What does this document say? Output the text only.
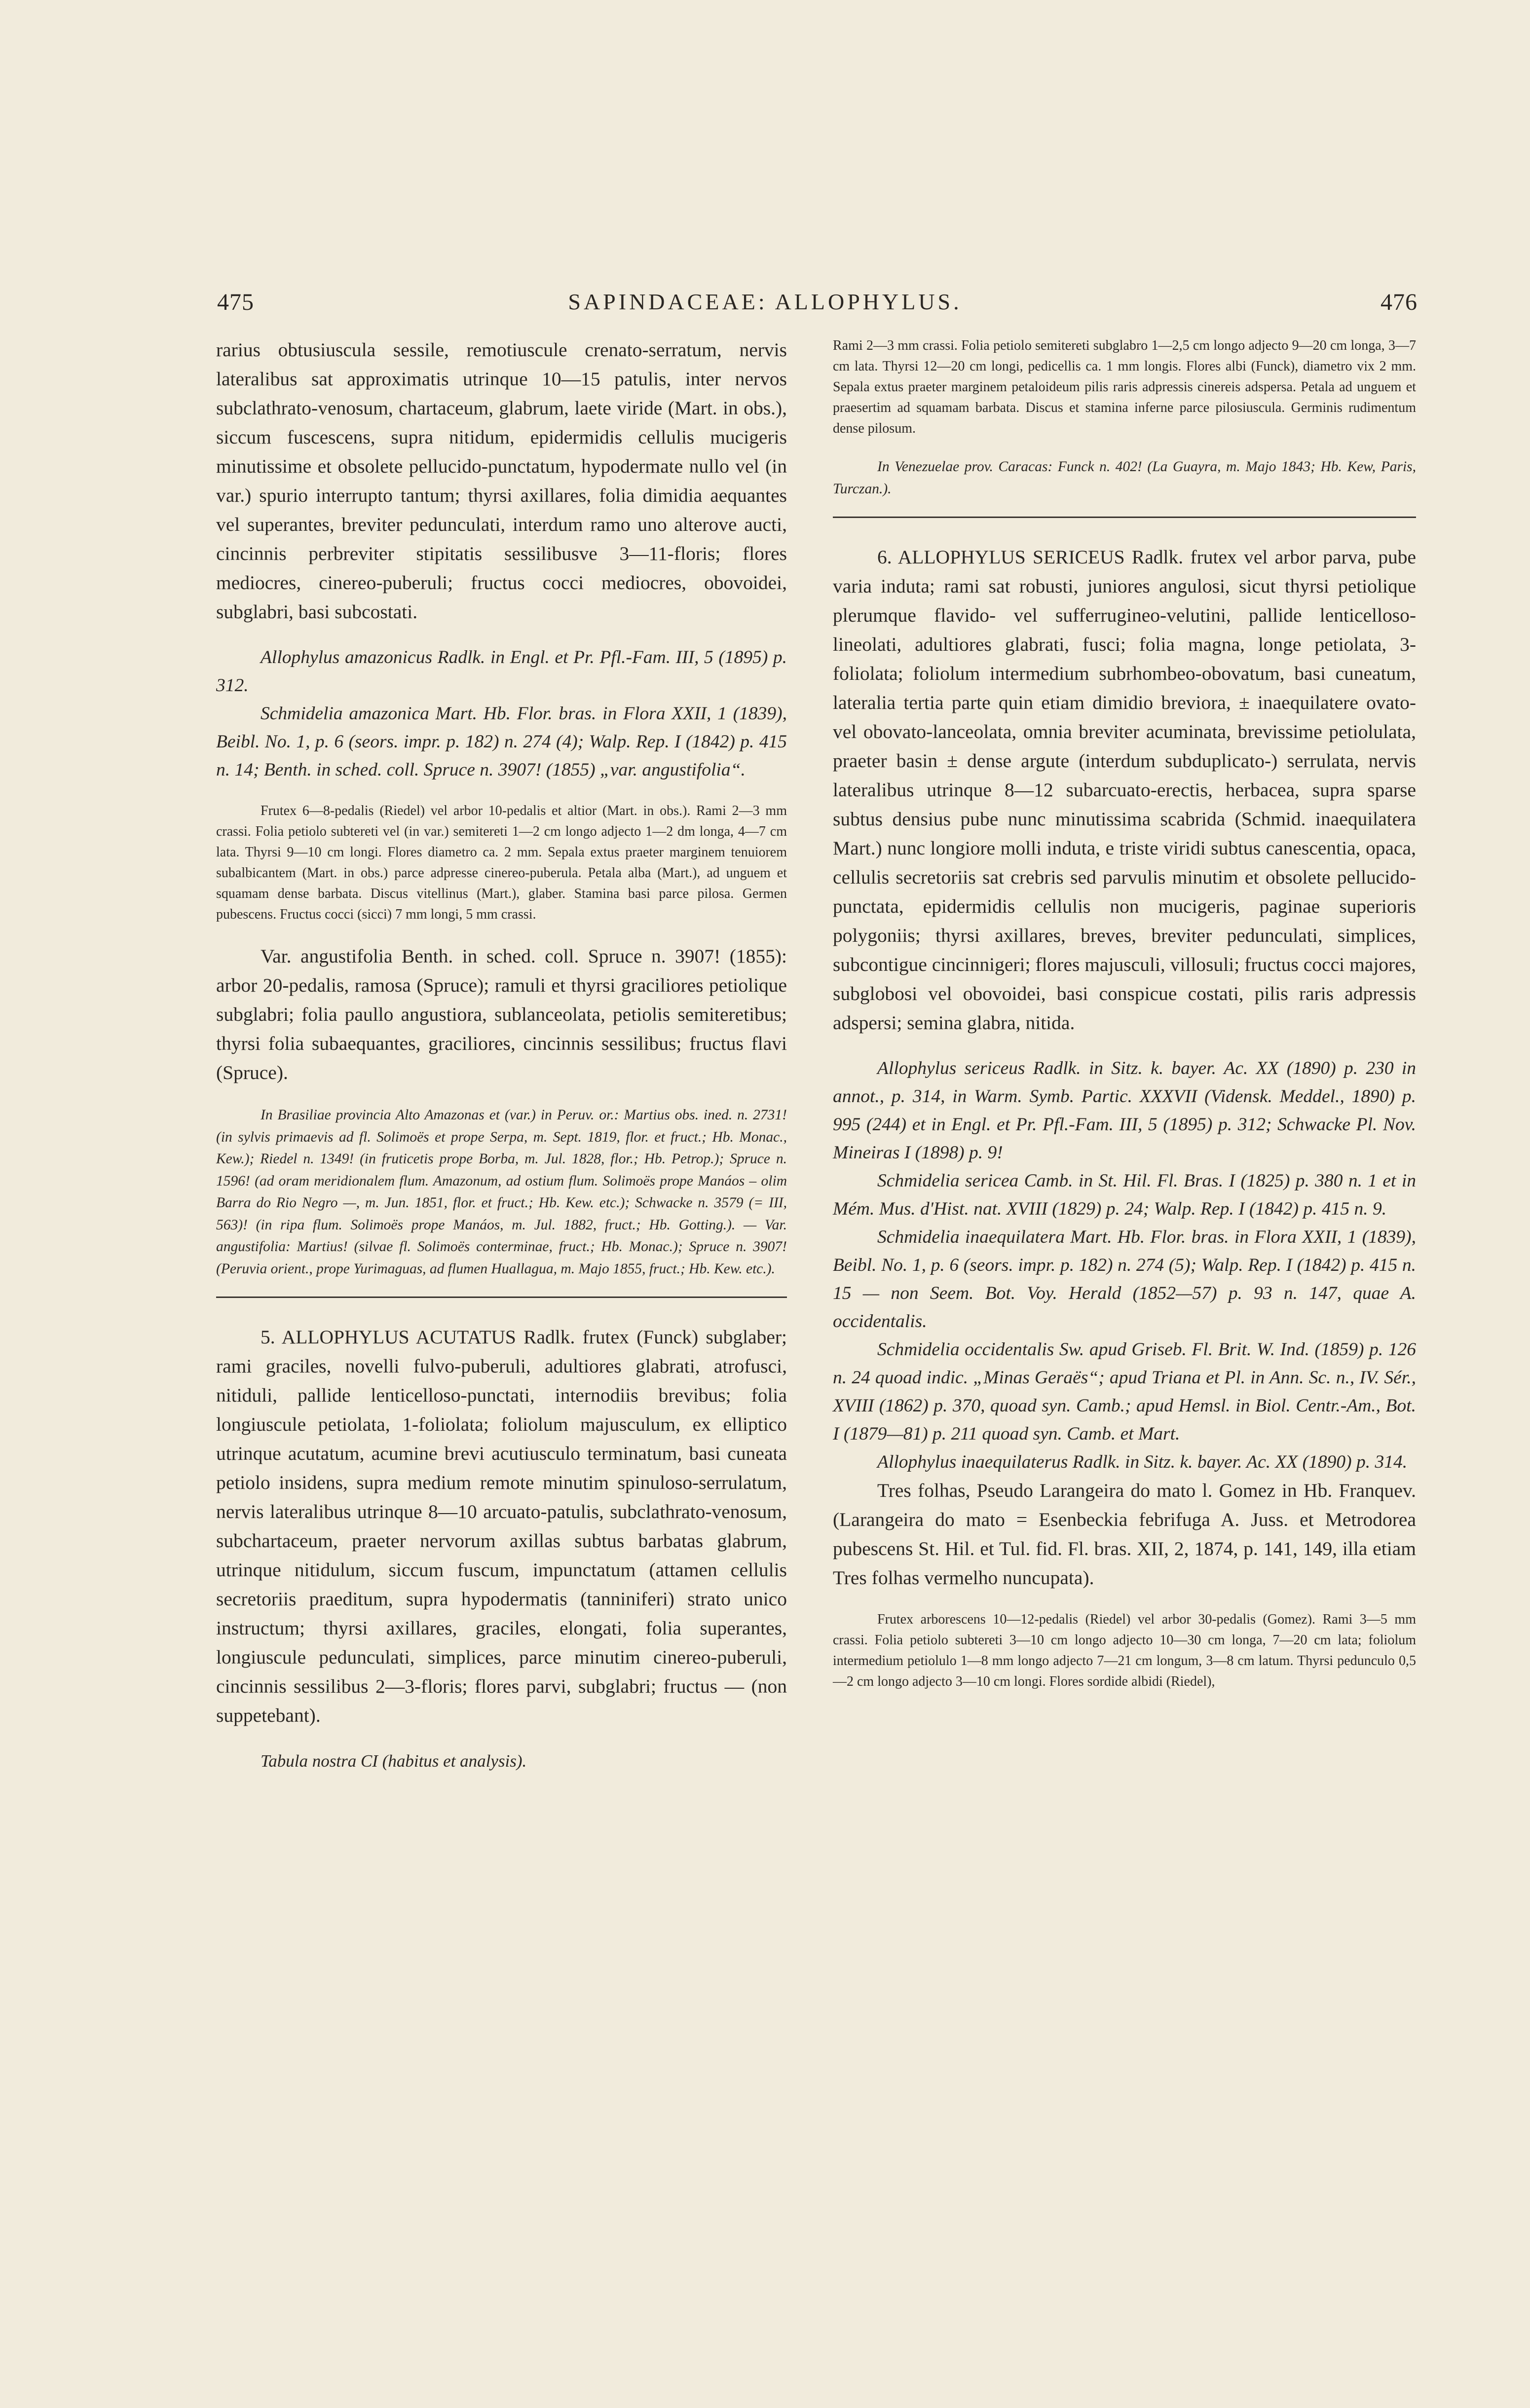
475	SAPINDACEAE: ALLOPHYLUS.	476

rarius obtusiuscula sessile, remotiuscule crenato-serratum, nervis lateralibus sat approximatis utrinque 10—15 patulis, inter nervos subclathrato-venosum, chartaceum, glabrum, laete viride (Mart. in obs.), siccum fuscescens, supra nitidum, epidermidis cellulis mucigeris minutissime et obsolete pellucido-punctatum, hypodermate nullo vel (in var.) spurio interrupto tantum; thyrsi axillares, folia dimidia aequantes vel superantes, breviter pedunculati, interdum ramo uno alterove aucti, cincinnis perbreviter stipitatis sessilibusve 3—11-floris; flores mediocres, cinereo-puberuli; fructus cocci mediocres, obovoidei, subglabri, basi subcostati.

Allophylus amazonicus Radlk. in Engl. et Pr. Pfl.-Fam. III, 5 (1895) p. 312.

Schmidelia amazonica Mart. Hb. Flor. bras. in Flora XXII, 1 (1839), Beibl. No. 1, p. 6 (seors. impr. p. 182) n. 274 (4); Walp. Rep. I (1842) p. 415 n. 14; Benth. in sched. coll. Spruce n. 3907! (1855) „var. angustifolia“.

Frutex 6—8-pedalis (Riedel) vel arbor 10-pedalis et altior (Mart. in obs.). Rami 2—3 mm crassi. Folia petiolo subtereti vel (in var.) semitereti 1—2 cm longo adjecto 1—2 dm longa, 4—7 cm lata. Thyrsi 9—10 cm longi. Flores diametro ca. 2 mm. Sepala extus praeter marginem tenuiorem subalbicantem (Mart. in obs.) parce adpresse cinereo-puberula. Petala alba (Mart.), ad unguem et squamam dense barbata. Discus vitellinus (Mart.), glaber. Stamina basi parce pilosa. Germen pubescens. Fructus cocci (sicci) 7 mm longi, 5 mm crassi.

Var. angustifolia Benth. in sched. coll. Spruce n. 3907! (1855): arbor 20-pedalis, ramosa (Spruce); ramuli et thyrsi graciliores petiolique subglabri; folia paullo angustiora, sublanceolata, petiolis semiteretibus; thyrsi folia subaequantes, graciliores, cincinnis sessilibus; fructus flavi (Spruce).

In Brasiliae provincia Alto Amazonas et (var.) in Peruv. or.: Martius obs. ined. n. 2731! (in sylvis primaevis ad fl. Solimoës et prope Serpa, m. Sept. 1819, flor. et fruct.; Hb. Monac., Kew.); Riedel n. 1349! (in fruticetis prope Borba, m. Jul. 1828, flor.; Hb. Petrop.); Spruce n. 1596! (ad oram meridionalem flum. Amazonum, ad ostium flum. Solimoës prope Manáos – olim Barra do Rio Negro —, m. Jun. 1851, flor. et fruct.; Hb. Kew. etc.); Schwacke n. 3579 (= III, 563)! (in ripa flum. Solimoës prope Manáos, m. Jul. 1882, fruct.; Hb. Gotting.). — Var. angustifolia: Martius! (silvae fl. Solimoës conterminae, fruct.; Hb. Monac.); Spruce n. 3907! (Peruvia orient., prope Yurimaguas, ad flumen Huallagua, m. Majo 1855, fruct.; Hb. Kew. etc.).

5. ALLOPHYLUS ACUTATUS Radlk. frutex (Funck) subglaber; rami graciles, novelli fulvo-puberuli, adultiores glabrati, atrofusci, nitiduli, pallide lenticelloso-punctati, internodiis brevibus; folia longiuscule petiolata, 1-foliolata; foliolum majusculum, ex elliptico utrinque acutatum, acumine brevi acutiusculo terminatum, basi cuneata petiolo insidens, supra medium remote minutim spinuloso-serrulatum, nervis lateralibus utrinque 8—10 arcuato-patulis, subclathrato-venosum, subchartaceum, praeter nervorum axillas subtus barbatas glabrum, utrinque nitidulum, siccum fuscum, impunctatum (attamen cellulis secretoriis praeditum, supra hypodermatis (tanniniferi) strato unico instructum; thyrsi axillares, graciles, elongati, folia superantes, longiuscule pedunculati, simplices, parce minutim cinereo-puberuli, cincinnis sessilibus 2—3-floris; flores parvi, subglabri; fructus — (non suppetebant).

Tabula nostra CI (habitus et analysis).

Rami 2—3 mm crassi. Folia petiolo semitereti subglabro 1—2,5 cm longo adjecto 9—20 cm longa, 3—7 cm lata. Thyrsi 12—20 cm longi, pedicellis ca. 1 mm longis. Flores albi (Funck), diametro vix 2 mm. Sepala extus praeter marginem petaloideum pilis raris adpressis cinereis adspersa. Petala ad unguem et praesertim ad squamam barbata. Discus et stamina inferne parce pilosiuscula. Germinis rudimentum dense pilosum.

In Venezuelae prov. Caracas: Funck n. 402! (La Guayra, m. Majo 1843; Hb. Kew, Paris, Turczan.).

6. ALLOPHYLUS SERICEUS Radlk. frutex vel arbor parva, pube varia induta; rami sat robusti, juniores angulosi, sicut thyrsi petiolique plerumque flavido- vel sufferrugineo-velutini, pallide lenticelloso-lineolati, adultiores glabrati, fusci; folia magna, longe petiolata, 3-foliolata; foliolum intermedium subrhombeo-obovatum, basi cuneatum, lateralia tertia parte quin etiam dimidio breviora, ± inaequilatere ovato- vel obovato-lanceolata, omnia breviter acuminata, brevissime petiolulata, praeter basin ± dense argute (interdum subduplicato-) serrulata, nervis lateralibus utrinque 8—12 subarcuato-erectis, herbacea, supra sparse subtus densius pube nunc minutissima scabrida (Schmid. inaequilatera Mart.) nunc longiore molli induta, e triste viridi subtus canescentia, opaca, cellulis secretoriis sat crebris sed parvulis minutim et obsolete pellucido-punctata, epidermidis cellulis non mucigeris, paginae superioris polygoniis; thyrsi axillares, breves, breviter pedunculati, simplices, subcontigue cincinnigeri; flores majusculi, villosuli; fructus cocci majores, subglobosi vel obovoidei, basi conspicue costati, pilis raris adpressis adspersi; semina glabra, nitida.

Allophylus sericeus Radlk. in Sitz. k. bayer. Ac. XX (1890) p. 230 in annot., p. 314, in Warm. Symb. Partic. XXXVII (Vidensk. Meddel., 1890) p. 995 (244) et in Engl. et Pr. Pfl.-Fam. III, 5 (1895) p. 312; Schwacke Pl. Nov. Mineiras I (1898) p. 9!

Schmidelia sericea Camb. in St. Hil. Fl. Bras. I (1825) p. 380 n. 1 et in Mém. Mus. d'Hist. nat. XVIII (1829) p. 24; Walp. Rep. I (1842) p. 415 n. 9.

Schmidelia inaequilatera Mart. Hb. Flor. bras. in Flora XXII, 1 (1839), Beibl. No. 1, p. 6 (seors. impr. p. 182) n. 274 (5); Walp. Rep. I (1842) p. 415 n. 15 — non Seem. Bot. Voy. Herald (1852—57) p. 93 n. 147, quae A. occidentalis.

Schmidelia occidentalis Sw. apud Griseb. Fl. Brit. W. Ind. (1859) p. 126 n. 24 quoad indic. „Minas Geraës“; apud Triana et Pl. in Ann. Sc. n., IV. Sér., XVIII (1862) p. 370, quoad syn. Camb.; apud Hemsl. in Biol. Centr.-Am., Bot. I (1879—81) p. 211 quoad syn. Camb. et Mart.

Allophylus inaequilaterus Radlk. in Sitz. k. bayer. Ac. XX (1890) p. 314.

Tres folhas, Pseudo Larangeira do mato l. Gomez in Hb. Franquev. (Larangeira do mato = Esenbeckia febrifuga A. Juss. et Metrodorea pubescens St. Hil. et Tul. fid. Fl. bras. XII, 2, 1874, p. 141, 149, illa etiam Tres folhas vermelho nuncupata).

Frutex arborescens 10—12-pedalis (Riedel) vel arbor 30-pedalis (Gomez). Rami 3—5 mm crassi. Folia petiolo subtereti 3—10 cm longo adjecto 10—30 cm longa, 7—20 cm lata; foliolum intermedium petiolulo 1—8 mm longo adjecto 7—21 cm longum, 3—8 cm latum. Thyrsi pedunculo 0,5—2 cm longo adjecto 3—10 cm longi. Flores sordide albidi (Riedel),
